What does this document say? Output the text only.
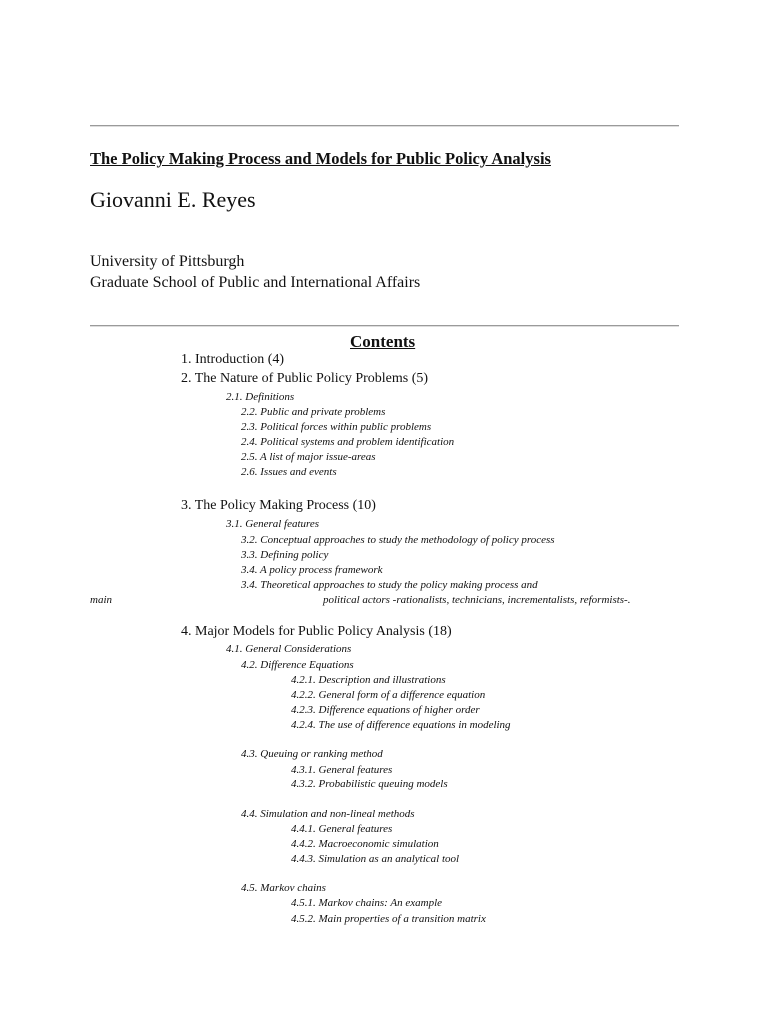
The Policy Making Process and Models for Public Policy Analysis
Giovanni E. Reyes
University of Pittsburgh
Graduate School of Public and International Affairs
Contents
1. Introduction (4)
2. The Nature of Public Policy Problems (5)
2.1. Definitions
2.2. Public and private problems
2.3. Political forces within public problems
2.4. Political systems and problem identification
2.5. A list of major issue-areas
2.6. Issues and events
3. The Policy Making Process (10)
3.1. General features
3.2. Conceptual approaches to study the methodology of policy process
3.3. Defining policy
3.4. A policy process framework
3.4. Theoretical approaches to study the policy making process and
main	political actors -rationalists, technicians, incrementalists, reformists-.
4. Major Models for Public Policy Analysis (18)
4.1. General Considerations
4.2. Difference Equations
4.2.1. Description and illustrations
4.2.2. General form of a difference equation
4.2.3. Difference equations of higher order
4.2.4. The use of difference equations in modeling
4.3. Queuing or ranking method
4.3.1. General features
4.3.2. Probabilistic queuing models
4.4. Simulation and non-lineal methods
4.4.1. General features
4.4.2. Macroeconomic simulation
4.4.3. Simulation as an analytical tool
4.5. Markov chains
4.5.1. Markov chains: An example
4.5.2. Main properties of a transition matrix
